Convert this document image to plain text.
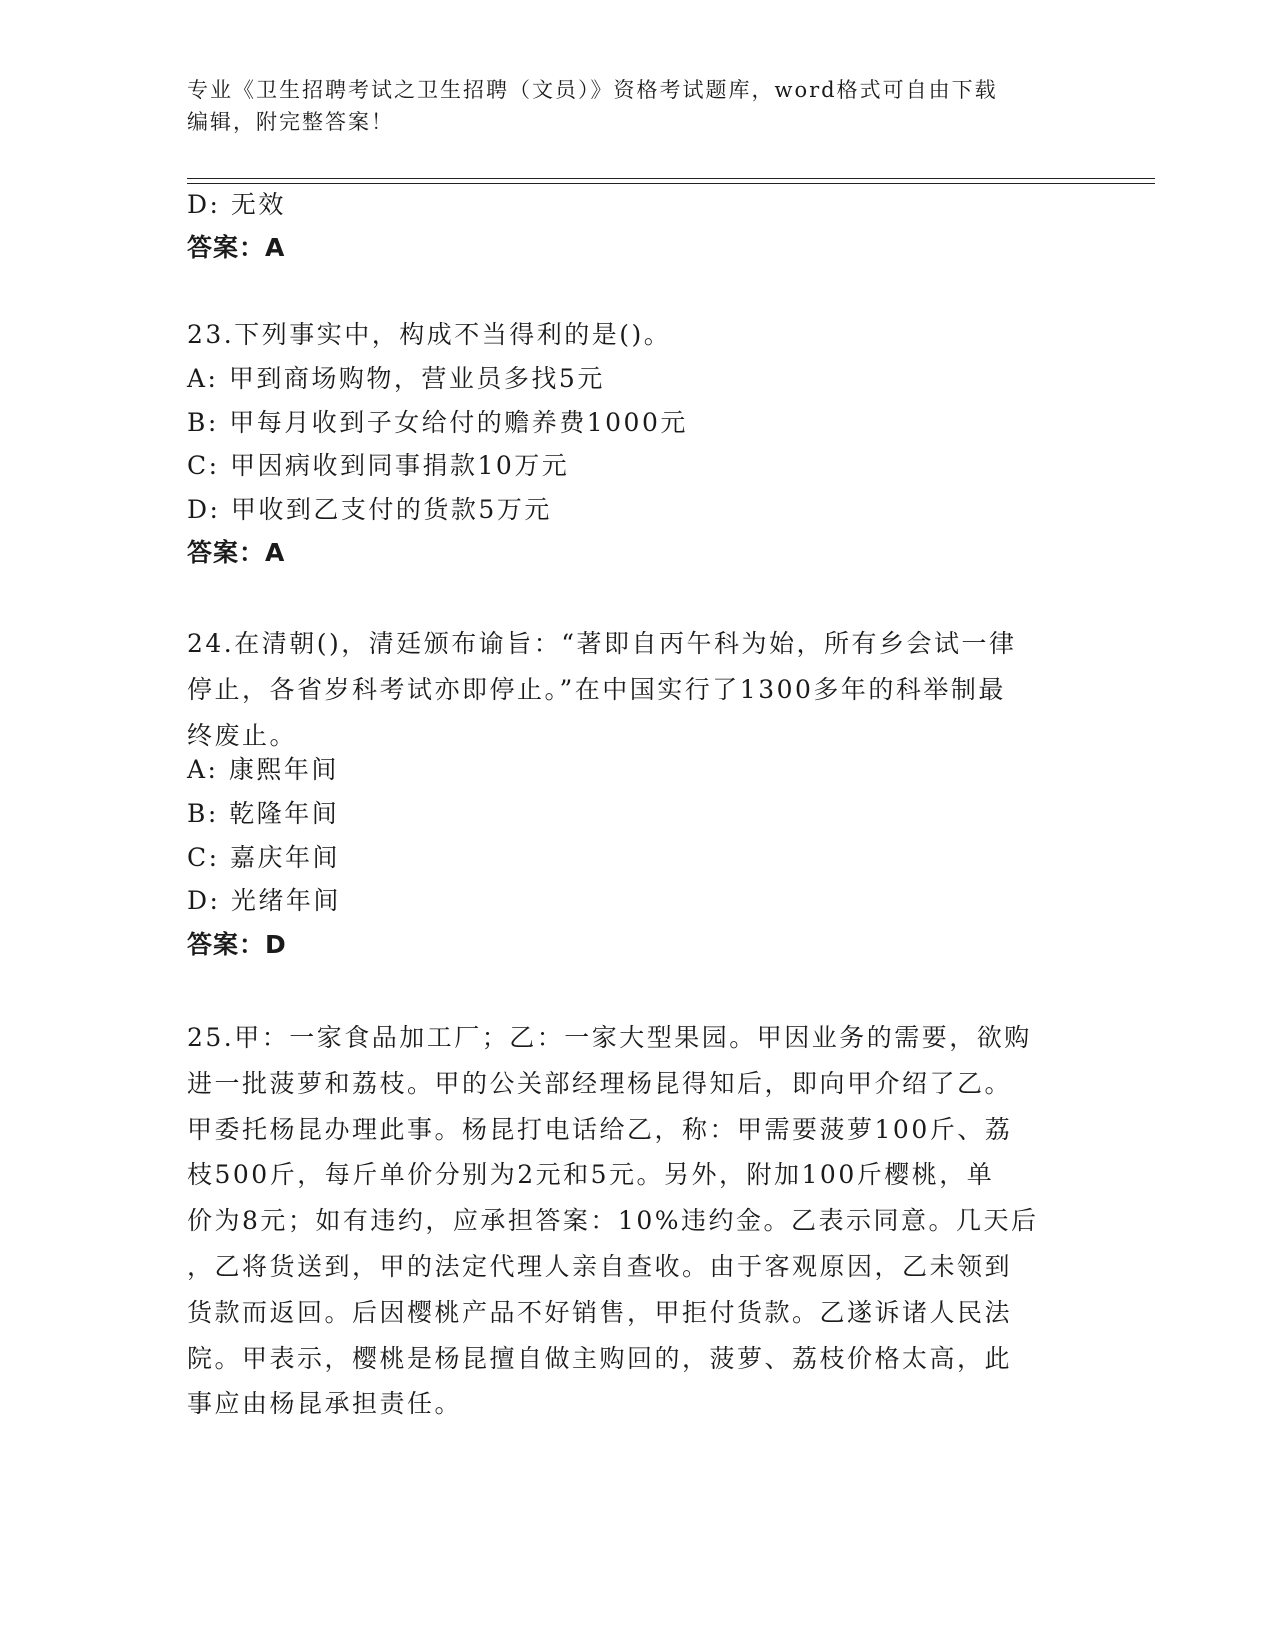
专业《卫生招聘考试之卫生招聘（文员）》资格考试题库，word格式可自由下载
编辑，附完整答案！
D: 无效
答案：A
23.下列事实中，构成不当得利的是()。
A: 甲到商场购物，营业员多找5元
B: 甲每月收到子女给付的赡养费1000元
C: 甲因病收到同事捐款10万元
D: 甲收到乙支付的货款5万元
答案：A
24.在清朝()，清廷颁布谕旨：“著即自丙午科为始，所有乡会试一律
停止，各省岁科考试亦即停止。”在中国实行了1300多年的科举制最
终废止。
A: 康熙年间
B: 乾隆年间
C: 嘉庆年间
D: 光绪年间
答案：D
25.甲：一家食品加工厂；乙：一家大型果园。甲因业务的需要，欲购
进一批菠萝和荔枝。甲的公关部经理杨昆得知后，即向甲介绍了乙。
甲委托杨昆办理此事。杨昆打电话给乙，称：甲需要菠萝100斤、荔
枝500斤，每斤单价分别为2元和5元。另外，附加100斤樱桃，单
价为8元；如有违约，应承担答案：10%违约金。乙表示同意。几天后
，乙将货送到，甲的法定代理人亲自查收。由于客观原因，乙未领到
货款而返回。后因樱桃产品不好销售，甲拒付货款。乙遂诉诸人民法
院。甲表示，樱桃是杨昆擅自做主购回的，菠萝、荔枝价格太高，此
事应由杨昆承担责任。
